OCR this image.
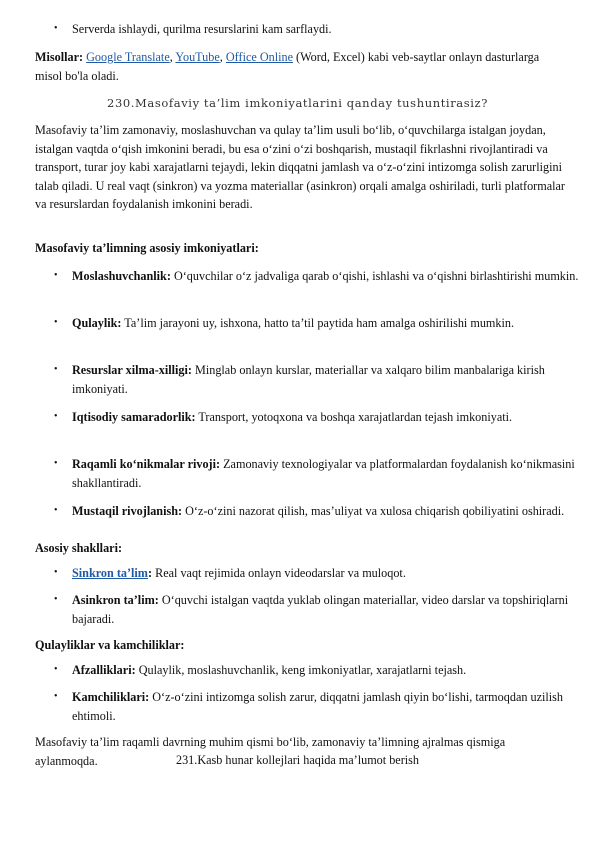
• Serverda ishlaydi, qurilma resurslarini kam sarflaydi.

Misollar: Google Translate, YouTube, Office Online (Word, Excel) kabi veb-saytlar onlayn dasturlarga misol bo'la oladi.

230.Masofaviy ta’lim imkoniyatlarini qanday tushuntirasiz?

Masofaviy ta’lim zamonaviy, moslashuvchan va qulay ta’lim usuli bo‘lib, o‘quvchilarga istalgan joydan, istalgan vaqtda o‘qish imkonini beradi, bu esa o‘zini o‘zi boshqarish, mustaqil fikrlashni rivojlantiradi va transport, turar joy kabi xarajatlarni tejaydi, lekin diqqatni jamlash va o‘z-o‘zini intizomga solish zarurligini talab qiladi. U real vaqt (sinkron) va yozma materiallar (asinkron) orqali amalga oshiriladi, turli platformalar va resurslardan foydalanish imkonini beradi.

Masofaviy ta’limning asosiy imkoniyatlari:

• Moslashuvchanlik: O‘quvchilar o‘z jadvaliga qarab o‘qishi, ishlashi va o‘qishni birlashtirishi mumkin.

• Qulaylik: Ta’lim jarayoni uy, ishxona, hatto ta’til paytida ham amalga oshirilishi mumkin.

• Resurslar xilma-xilligi: Minglab onlayn kurslar, materiallar va xalqaro bilim manbalariga kirish imkoniyati.

• Iqtisodiy samaradorlik: Transport, yotoqxona va boshqa xarajatlardan tejash imkoniyati.

• Raqamli ko‘nikmalar rivoji: Zamonaviy texnologiyalar va platformalardan foydalanish ko‘nikmasini shakllantiradi.

• Mustaqil rivojlanish: O‘z-o‘zini nazorat qilish, mas’uliyat va xulosa chiqarish qobiliyatini oshiradi.

Asosiy shakllari:

• Sinkron ta’lim: Real vaqt rejimida onlayn videodarslar va muloqot.

• Asinkron ta’lim: O‘quvchi istalgan vaqtda yuklab olingan materiallar, video darslar va topshiriqlarni bajaradi.

Qulayliklar va kamchiliklar:

• Afzalliklari: Qulaylik, moslashuvchanlik, keng imkoniyatlar, xarajatlarni tejash.

• Kamchiliklari: O‘z-o‘zini intizomga solish zarur, diqqatni jamlash qiyin bo‘lishi, tarmoqdan uzilish ehtimoli.

Masofaviy ta’lim raqamli davrning muhim qismi bo‘lib, zamonaviy ta’limning ajralmas qismiga aylanmoqda.	231.Kasb hunar kollejlari haqida ma’lumot berish
